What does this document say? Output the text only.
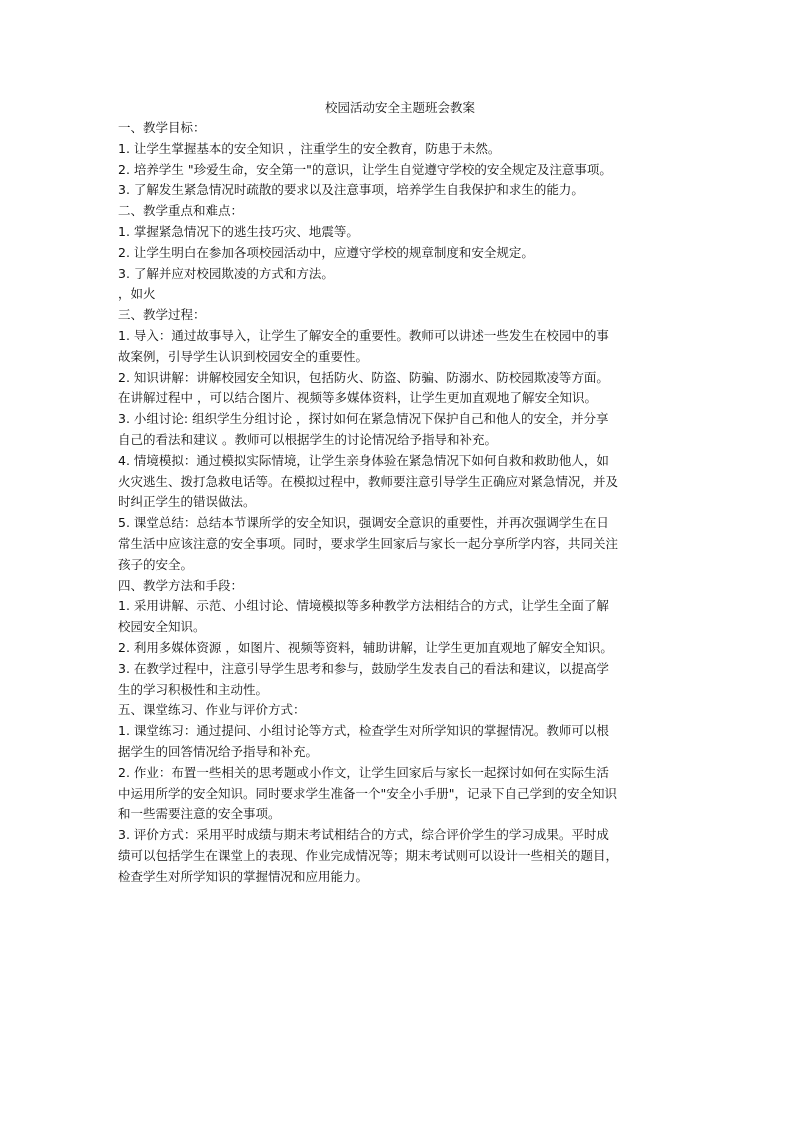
校园活动安全主题班会教案

一、教学目标：

1. 让学生掌握基本的安全知识 ，注重学生的安全教育，防患于未然。

2. 培养学生 "珍爱生命，安全第一"的意识，让学生自觉遵守学校的安全规定及注意事项。

3. 了解发生紧急情况时疏散的要求以及注意事项，培养学生自我保护和求生的能力。

二、教学重点和难点：

1. 掌握紧急情况下的逃生技巧灾、地震等。

2. 让学生明白在参加各项校园活动中，应遵守学校的规章制度和安全规定。

3. 了解并应对校园欺凌的方式和方法。

，如火

三、教学过程：

1. 导入：通过故事导入，让学生了解安全的重要性。教师可以讲述一些发生在校园中的事

故案例，引导学生认识到校园安全的重要性。

2. 知识讲解：讲解校园安全知识，包括防火、防盗、防骗、防溺水、防校园欺凌等方面。

在讲解过程中 ，可以结合图片、视频等多媒体资料，让学生更加直观地了解安全知识。

3. 小组讨论: 组织学生分组讨论 ，探讨如何在紧急情况下保护自己和他人的安全，并分享

自己的看法和建议 。教师可以根据学生的讨论情况给予指导和补充。

4. 情境模拟：通过模拟实际情境，让学生亲身体验在紧急情况下如何自救和救助他人，如

火灾逃生、拨打急救电话等。在模拟过程中，教师要注意引导学生正确应对紧急情况，并及

时纠正学生的错误做法。

5. 课堂总结：总结本节课所学的安全知识，强调安全意识的重要性，并再次强调学生在日

常生活中应该注意的安全事项。同时，要求学生回家后与家长一起分享所学内容，共同关注

孩子的安全。

四、教学方法和手段：

1. 采用讲解、示范、小组讨论、情境模拟等多种教学方法相结合的方式，让学生全面了解

校园安全知识。

2. 利用多媒体资源 ，如图片、视频等资料，辅助讲解，让学生更加直观地了解安全知识。

3. 在教学过程中，注意引导学生思考和参与，鼓励学生发表自己的看法和建议，以提高学

生的学习积极性和主动性。

五、课堂练习、作业与评价方式：

1. 课堂练习：通过提问、小组讨论等方式，检查学生对所学知识的掌握情况。教师可以根

据学生的回答情况给予指导和补充。

2. 作业：布置一些相关的思考题或小作文，让学生回家后与家长一起探讨如何在实际生活

中运用所学的安全知识。同时要求学生准备一个"安全小手册"，记录下自己学到的安全知识

和一些需要注意的安全事项。

3. 评价方式：采用平时成绩与期末考试相结合的方式，综合评价学生的学习成果。平时成

绩可以包括学生在课堂上的表现、作业完成情况等；期末考试则可以设计一些相关的题目，

检查学生对所学知识的掌握情况和应用能力。
